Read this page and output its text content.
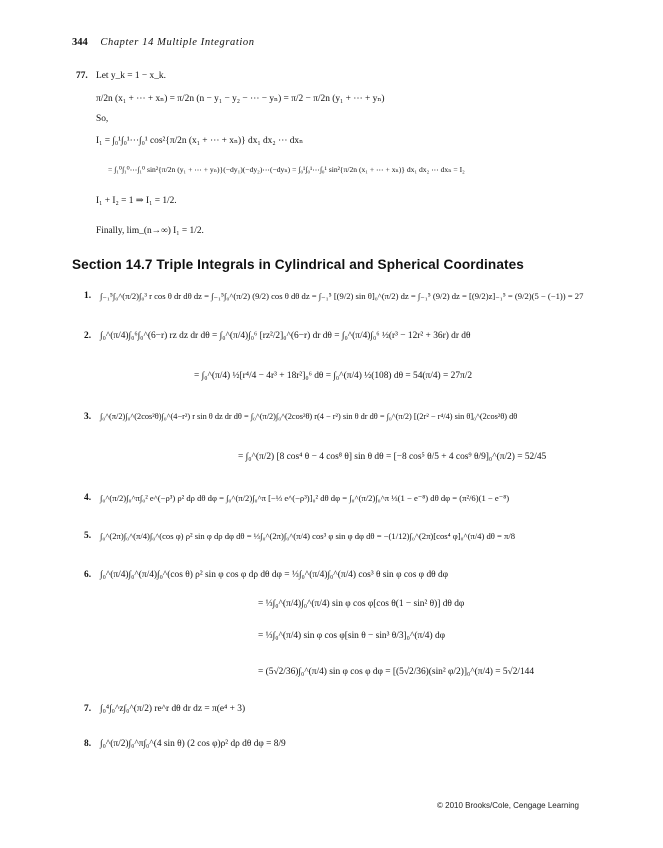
344 Chapter 14 Multiple Integration
77. Let y_k = 1 − x_k.
π/2n (x₁ + ⋯ + xₙ) = π/2n (n − y₁ − y₂ − ⋯ − yₙ) = π/2 − π/2n (y₁ + ⋯ + yₙ)
So,
I₁ = ∫₀¹∫₀¹⋯∫₀¹ cos²{π/2n (x₁ + ⋯ + xₙ)} dx₁ dx₂ ⋯ dxₙ
= ∫₁⁰∫₁⁰⋯∫₁⁰ sin²{π/2n (y₁ + ⋯ + yₙ)}(−dy₁)(−dy₂)⋯(−dyₙ) = ∫₀¹∫₀¹⋯∫₀¹ sin²{π/2n (x₁ + ⋯ + xₙ)} dx₁ dx₂ ⋯ dxₙ = I₂
I₁ + I₂ = 1 ⇒ I₁ = 1/2.
Finally, lim_(n→∞) I₁ = 1/2.
Section 14.7 Triple Integrals in Cylindrical and Spherical Coordinates
1. ∫₋₁⁵∫₀^(π/2)∫₀³ r cos θ dr dθ dz = ∫₋₁⁵∫₀^(π/2) (9/2) cos θ dθ dz = ∫₋₁⁵ [(9/2) sin θ]₀^(π/2) dz = ∫₋₁⁵ (9/2) dz = [(9/2)z]₋₁⁵ = (9/2)(5 − (−1)) = 27
2. ∫₀^(π/4)∫₀⁶∫₀^(6−r) rz dz dr dθ = ∫₀^(π/4)∫₀⁶ [rz²/2]₀^(6−r) dr dθ = ∫₀^(π/4)∫₀⁶ ½(r³ − 12r² + 36r) dr dθ
= ∫₀^(π/4) ½[r⁴/4 − 4r³ + 18r²]₀⁶ dθ = ∫₀^(π/4) ½(108) dθ = 54(π/4) = 27π/2
3. ∫₀^(π/2)∫₀^(2cos²θ)∫₀^(4−r²) r sin θ dz dr dθ = ∫₀^(π/2)∫₀^(2cos²θ) r(4 − r²) sin θ dr dθ = ∫₀^(π/2) [(2r² − r⁴/4) sin θ]₀^(2cos²θ) dθ
= ∫₀^(π/2) [8 cos⁴ θ − 4 cos⁸ θ] sin θ dθ = [−8 cos⁵ θ/5 + 4 cos⁹ θ/9]₀^(π/2) = 52/45
4. ∫₀^(π/2)∫₀^π∫₀² e^(−ρ³) ρ² dρ dθ dφ = ∫₀^(π/2)∫₀^π [−⅓ e^(−ρ³)]₀² dθ dφ = ∫₀^(π/2)∫₀^π ⅓(1 − e⁻⁸) dθ dφ = (π²/6)(1 − e⁻⁸)
5. ∫₀^(2π)∫₀^(π/4)∫₀^(cos φ) ρ² sin φ dρ dφ dθ = ⅓∫₀^(2π)∫₀^(π/4) cos³ φ sin φ dφ dθ = −(1/12)∫₀^(2π)[cos⁴ φ]₀^(π/4) dθ = π/8
6. ∫₀^(π/4)∫₀^(π/4)∫₀^(cos θ) ρ² sin φ cos φ dρ dθ dφ = ⅓∫₀^(π/4)∫₀^(π/4) cos³ θ sin φ cos φ dθ dφ
= ⅓∫₀^(π/4)∫₀^(π/4) sin φ cos φ[cos θ(1 − sin² θ)] dθ dφ
= ⅓∫₀^(π/4) sin φ cos φ[sin θ − sin³ θ/3]₀^(π/4) dφ
= (5√2/36)∫₀^(π/4) sin φ cos φ dφ = [(5√2/36)(sin² φ/2)]₀^(π/4) = 5√2/144
7. ∫₀⁴∫₀^z∫₀^(π/2) re^r dθ dr dz = π(e⁴ + 3)
8. ∫₀^(π/2)∫₀^π∫₀^(4 sin θ) (2 cos φ)ρ² dρ dθ dφ = 8/9
© 2010 Brooks/Cole, Cengage Learning
